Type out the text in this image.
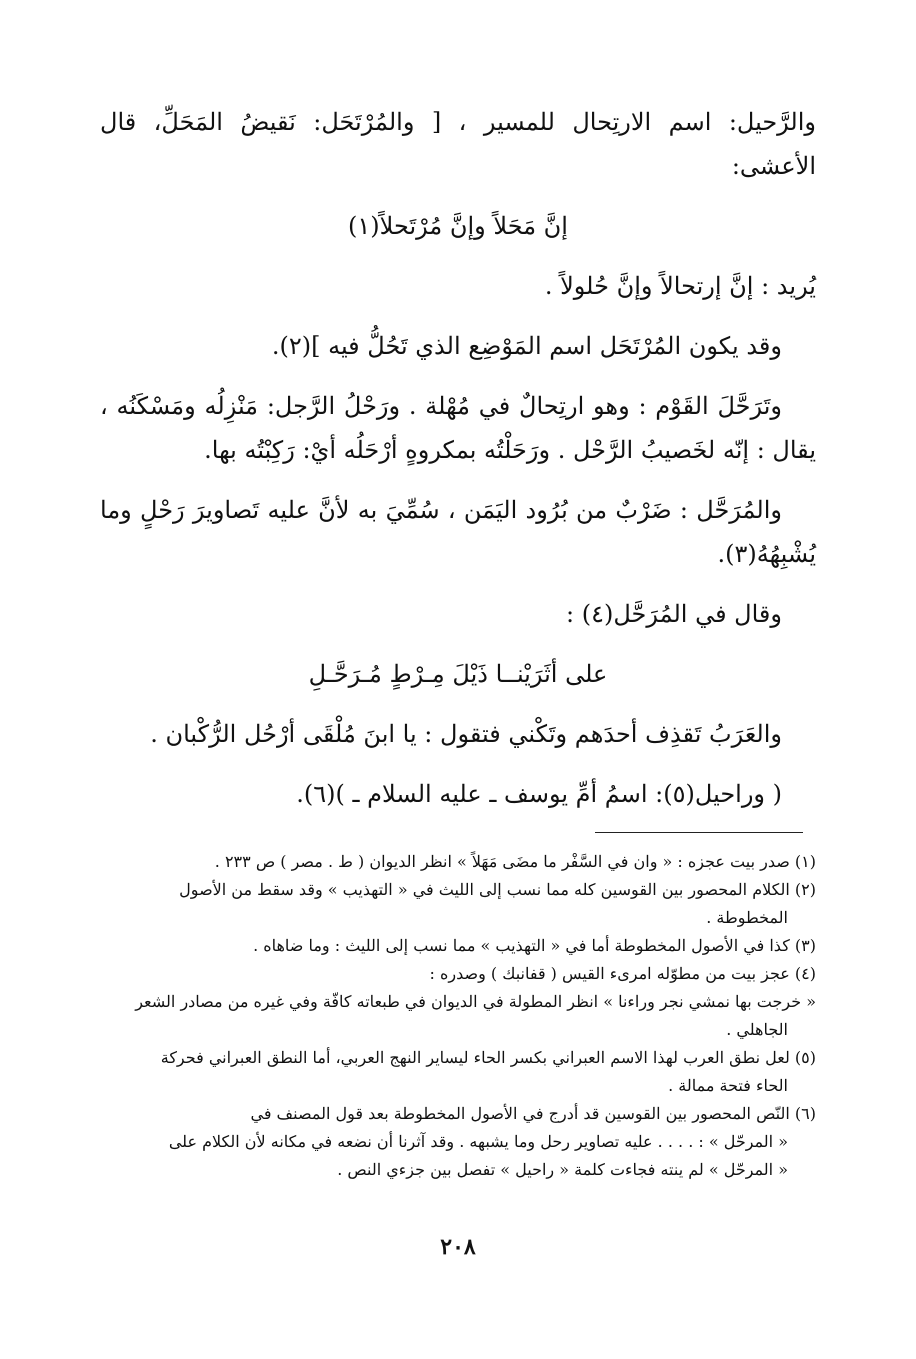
والرَّحيل: اسم الارتِحال للمسير ، [ والمُرْتَحَل: نَقيضُ المَحَلِّ، قال الأعشى:

إنَّ مَحَلاً وإنَّ مُرْتَحلاً(١)

يُريد : إنَّ إرتحالاً وإنَّ حُلولاً .

وقد يكون المُرْتَحَل اسم المَوْضِع الذي تَحُلُّ فيه ](٢).

وتَرَحَّلَ القَوْم : وهو ارتِحالٌ في مُهْلة . ورَحْلُ الرَّجل: مَنْزِلُه ومَسْكَنُه ، يقال : إنّه لخَصيبُ الرَّحْل . ورَحَلْتُه بمكروهٍ أرْحَلُه أيْ: رَكِبْتُه بها.

والمُرَحَّل : ضَرْبٌ من بُرُود اليَمَن ، سُمِّيَ به لأنَّ عليه تَصاويرَ رَحْلٍ وما يُشْبِهُهُ(٣).

وقال في المُرَحَّل(٤) :

على أثَرَيْنــا ذَيْلَ مِـرْطٍ مُـرَحَّـلِ

والعَرَبُ تَقذِف أحدَهم وتَكْني فتقول : يا ابنَ مُلْقَى أرْحُل الرُّكْبان .

( وراحيل(٥): اسمُ أمِّ يوسف ـ عليه السلام ـ )(٦).

(١) صدر بيت عجزه : « وان في السَّفْر ما مضَى مَهَلاً » انظر الديوان ( ط . مصر ) ص ٢٣٣ .

(٢) الكلام المحصور بين القوسين كله مما نسب إلى الليث في « التهذيب » وقد سقط من الأصول

المخطوطة .

(٣) كذا في الأصول المخطوطة أما في « التهذيب » مما نسب إلى الليث : وما ضاهاه .

(٤) عجز بيت من مطوّله امرىء القيس ( قفانبك ) وصدره :

« خرجت بها نمشي نجر وراءنا » انظر المطولة في الديوان في طبعاته كافّة وفي غيره من مصادر الشعر

الجاهلي .

(٥) لعل نطق العرب لهذا الاسم العبراني بكسر الحاء ليساير النهج العربي، أما النطق العبراني فحركة

الحاء فتحة ممالة .

(٦) النّص المحصور بين القوسين قد أدرج في الأصول المخطوطة بعد قول المصنف في

« المرحّل » : . . . . عليه تصاوير رحل وما يشبهه . وقد آثرنا أن نضعه في مكانه لأن الكلام على

« المرحّل » لم ينته فجاءت كلمة « راحيل » تفصل بين جزءي النص .

٢٠٨
